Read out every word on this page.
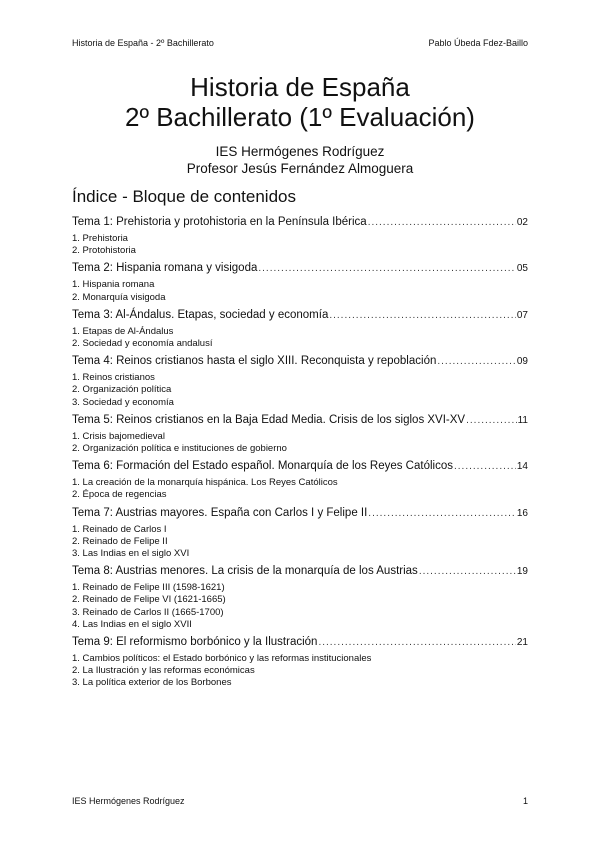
Historia de España - 2º Bachillerato	Pablo Úbeda Fdez-Baillo
Historia de España
2º Bachillerato (1º Evaluación)

IES Hermógenes Rodríguez

Profesor Jesús Fernández Almoguera

Índice - Bloque de contenidos
Tema 1: Prehistoria y protohistoria en la Península Ibérica .....	02
1. Prehistoria
2. Protohistoria
Tema 2: Hispania romana y visigoda .....	05
1. Hispania romana
2. Monarquía visigoda
Tema 3: Al-Ándalus. Etapas, sociedad y economía .....	07
1. Etapas de Al-Ándalus
2. Sociedad y economía andalusí
Tema 4: Reinos cristianos hasta el siglo XIII. Reconquista y repoblación .....	09
1. Reinos cristianos
2. Organización política
3. Sociedad y economía
Tema 5: Reinos cristianos en la Baja Edad Media. Crisis de los siglos XVI-XV .....	11
1. Crisis bajomedieval
2. Organización política e instituciones de gobierno
Tema 6: Formación del Estado español. Monarquía de los Reyes Católicos .....	14
1. La creación de la monarquía hispánica. Los Reyes Católicos
2. Época de regencias
Tema 7: Austrias mayores. España con Carlos I y Felipe II .....	16
1. Reinado de Carlos I
2. Reinado de Felipe II
3. Las Indias en el siglo XVI
Tema 8: Austrias menores. La crisis de la monarquía de los Austrias .....	19
1. Reinado de Felipe III (1598-1621)
2. Reinado de Felipe VI (1621-1665)
3. Reinado de Carlos II (1665-1700)
4. Las Indias en el siglo XVII
Tema 9: El reformismo borbónico y la Ilustración .....	21
1. Cambios políticos: el Estado borbónico y las reformas institucionales
2. La Ilustración y las reformas económicas
3. La política exterior de los Borbones
IES Hermógenes Rodríguez	1
